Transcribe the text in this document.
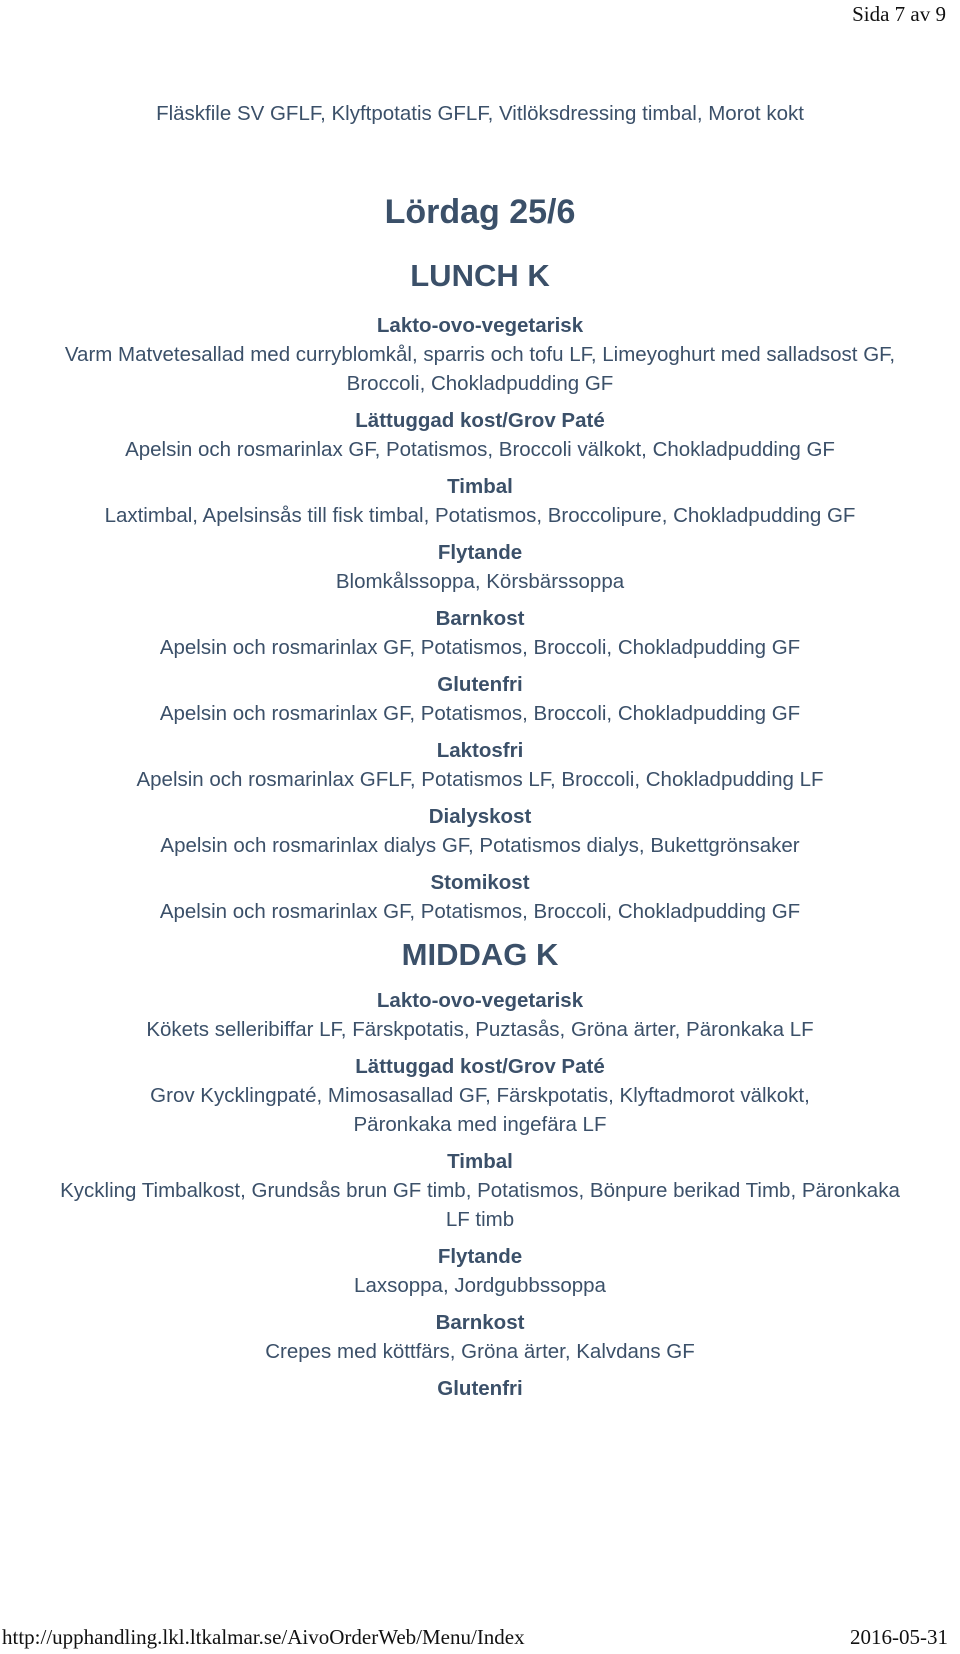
Sida 7 av 9
Fläskfile SV GFLF, Klyftpotatis GFLF, Vitlöksdressing timbal, Morot kokt
Lördag 25/6
LUNCH K
Lakto-ovo-vegetarisk
Varm Matvetesallad med curryblomkål, sparris och tofu LF, Limeyoghurt med salladsost GF, Broccoli, Chokladpudding GF
Lättuggad kost/Grov Paté
Apelsin och rosmarinlax GF, Potatismos, Broccoli välkokt, Chokladpudding GF
Timbal
Laxtimbal, Apelsinsås till fisk timbal, Potatismos, Broccolipure, Chokladpudding GF
Flytande
Blomkålssoppa, Körsbärssoppa
Barnkost
Apelsin och rosmarinlax GF, Potatismos, Broccoli, Chokladpudding GF
Glutenfri
Apelsin och rosmarinlax GF, Potatismos, Broccoli, Chokladpudding GF
Laktosfri
Apelsin och rosmarinlax GFLF, Potatismos LF, Broccoli, Chokladpudding LF
Dialyskost
Apelsin och rosmarinlax dialys GF, Potatismos dialys, Bukettgrönsaker
Stomikost
Apelsin och rosmarinlax GF, Potatismos, Broccoli, Chokladpudding GF
MIDDAG K
Lakto-ovo-vegetarisk
Kökets selleribiffar LF, Färskpotatis, Puztasås, Gröna ärter, Päronkaka LF
Lättuggad kost/Grov Paté
Grov Kycklingpaté, Mimosasallad GF, Färskpotatis, Klyftadmorot välkokt, Päronkaka med ingefära LF
Timbal
Kyckling Timbalkost, Grundsås brun GF timb, Potatismos, Bönpure berikad Timb, Päronkaka LF timb
Flytande
Laxsoppa, Jordgubbssoppa
Barnkost
Crepes med köttfärs, Gröna ärter, Kalvdans GF
Glutenfri
http://upphandling.lkl.ltkalmar.se/AivoOrderWeb/Menu/Index	2016-05-31
